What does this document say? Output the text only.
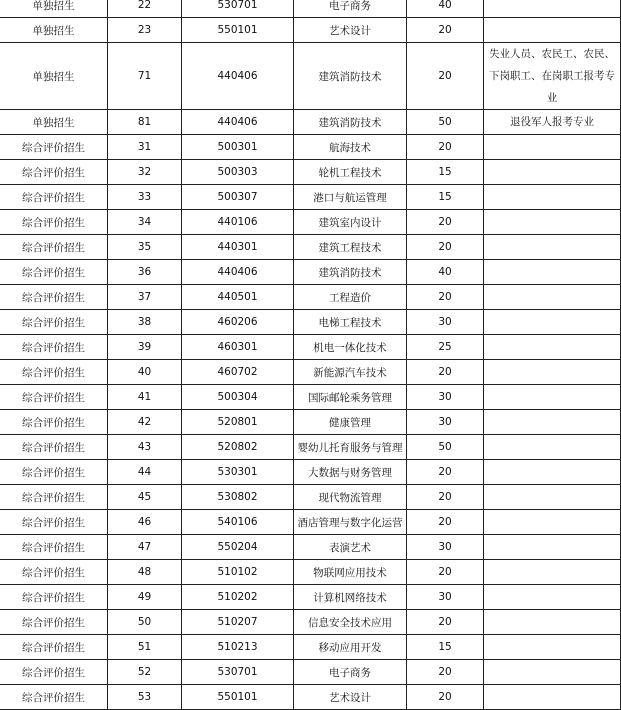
单独招生	22	530701	电子商务	40	
单独招生	23	550101	艺术设计	20	
单独招生	71	440406	建筑消防技术	20	失业人员、农民工、农民、下岗职工、在岗职工报考专业
单独招生	81	440406	建筑消防技术	50	退役军人报考专业
综合评价招生	31	500301	航海技术	20	
综合评价招生	32	500303	轮机工程技术	15	
综合评价招生	33	500307	港口与航运管理	15	
综合评价招生	34	440106	建筑室内设计	20	
综合评价招生	35	440301	建筑工程技术	20	
综合评价招生	36	440406	建筑消防技术	40	
综合评价招生	37	440501	工程造价	20	
综合评价招生	38	460206	电梯工程技术	30	
综合评价招生	39	460301	机电一体化技术	25	
综合评价招生	40	460702	新能源汽车技术	20	
综合评价招生	41	500304	国际邮轮乘务管理	30	
综合评价招生	42	520801	健康管理	30	
综合评价招生	43	520802	婴幼儿托育服务与管理	50	
综合评价招生	44	530301	大数据与财务管理	20	
综合评价招生	45	530802	现代物流管理	20	
综合评价招生	46	540106	酒店管理与数字化运营	20	
综合评价招生	47	550204	表演艺术	30	
综合评价招生	48	510102	物联网应用技术	20	
综合评价招生	49	510202	计算机网络技术	30	
综合评价招生	50	510207	信息安全技术应用	20	
综合评价招生	51	510213	移动应用开发	15	
综合评价招生	52	530701	电子商务	20	
综合评价招生	53	550101	艺术设计	20	
